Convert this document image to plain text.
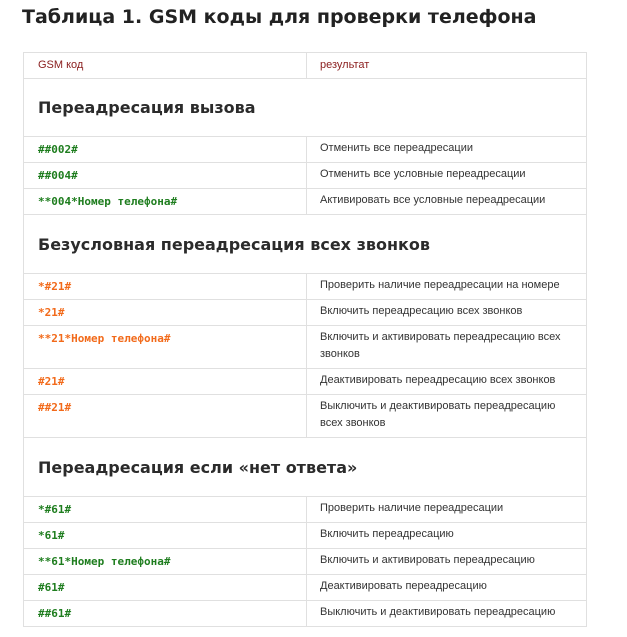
Таблица 1. GSM коды для проверки телефона
GSM код	результат
Переадресация вызова	
##002#	Отменить все переадресации
##004#	Отменить все условные переадресации
**004*Номер телефона#	Активировать все условные переадресации
Безусловная переадресация всех звонков	
*#21#	Проверить наличие переадресации на номере
*21#	Включить переадресацию всех звонков
**21*Номер телефона#	Включить и активировать переадресацию всех звонков
#21#	Деактивировать переадресацию всех звонков
##21#	Выключить и деактивировать переадресацию всех звонков
Переадресация если «нет ответа»	
*#61#	Проверить наличие переадресации
*61#	Включить переадресацию
**61*Номер телефона#	Включить и активировать переадресацию
#61#	Деактивировать переадресацию
##61#	Выключить и деактивировать переадресацию
